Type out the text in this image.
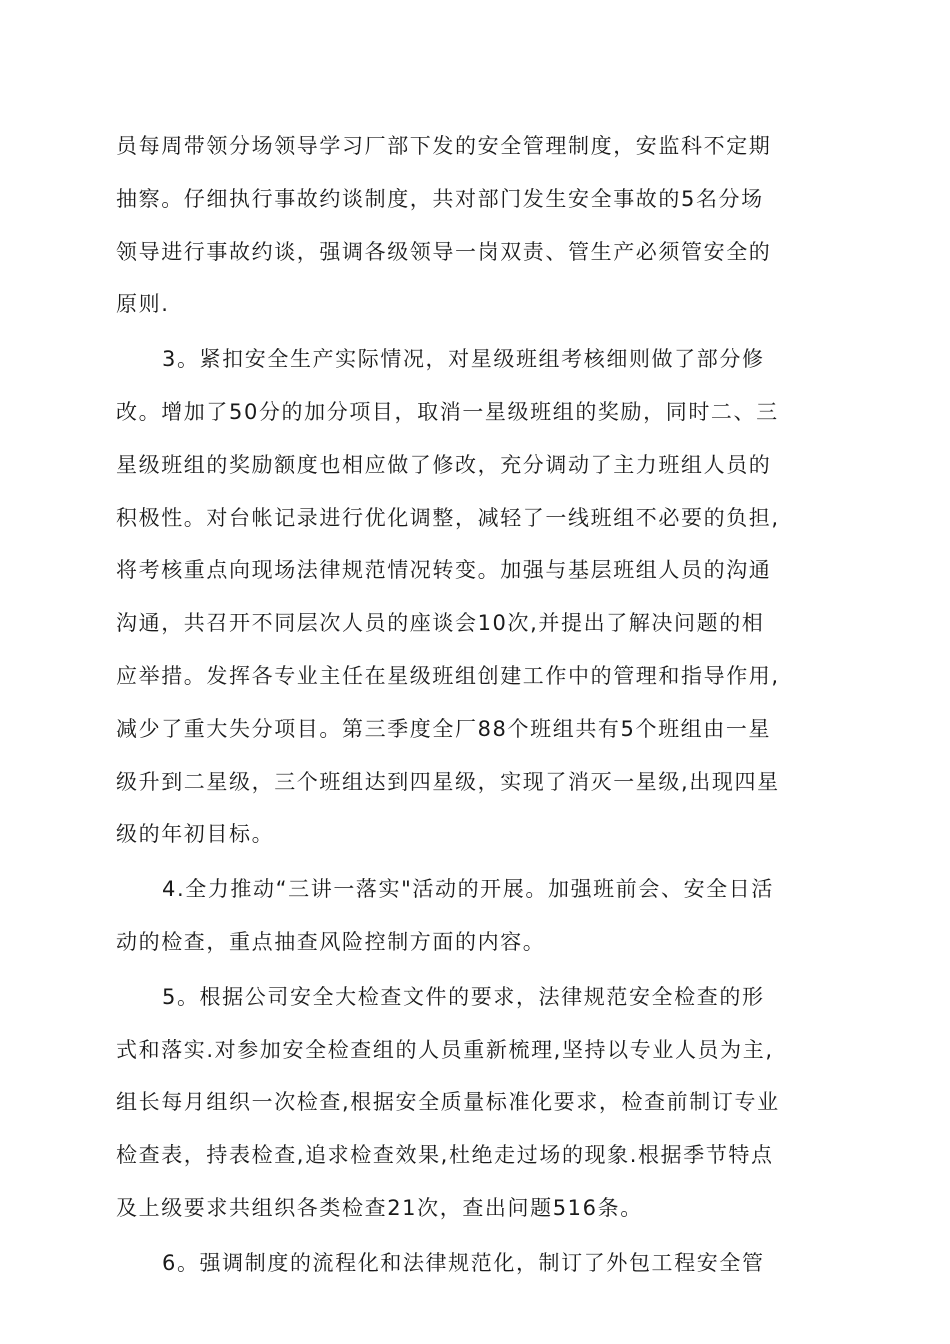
员每周带领分场领导学习厂部下发的安全管理制度，安监科不定期
抽察。仔细执行事故约谈制度，共对部门发生安全事故的5名分场
领导进行事故约谈，强调各级领导一岗双责、管生产必须管安全的
原则.
3。紧扣安全生产实际情况，对星级班组考核细则做了部分修
改。增加了50分的加分项目，取消一星级班组的奖励，同时二、三
星级班组的奖励额度也相应做了修改，充分调动了主力班组人员的
积极性。对台帐记录进行优化调整，减轻了一线班组不必要的负担,
将考核重点向现场法律规范情况转变。加强与基层班组人员的沟通
沟通，共召开不同层次人员的座谈会10次,并提出了解决问题的相
应举措。发挥各专业主任在星级班组创建工作中的管理和指导作用,
减少了重大失分项目。第三季度全厂88个班组共有5个班组由一星
级升到二星级，三个班组达到四星级，实现了消灭一星级,出现四星
级的年初目标。
4.全力推动“三讲一落实"活动的开展。加强班前会、安全日活
动的检查，重点抽查风险控制方面的内容。
5。根据公司安全大检查文件的要求，法律规范安全检查的形
式和落实.对参加安全检查组的人员重新梳理,坚持以专业人员为主,
组长每月组织一次检查,根据安全质量标准化要求，检查前制订专业
检查表，持表检查,追求检查效果,杜绝走过场的现象.根据季节特点
及上级要求共组织各类检查21次，查出问题516条。
6。强调制度的流程化和法律规范化，制订了外包工程安全管
